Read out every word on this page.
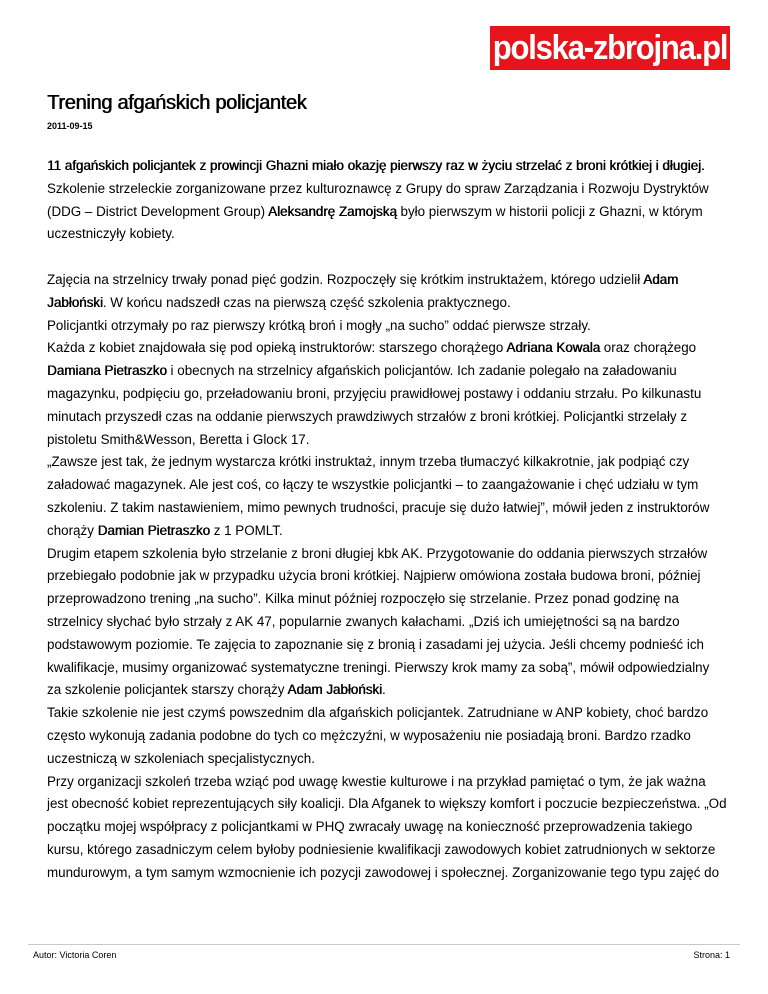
polska-zbrojna.pl
Trening afgańskich policjantek
2011-09-15

11 afgańskich policjantek z prowincji Ghazni miało okazję pierwszy raz w życiu strzelać z broni krótkiej i długiej.

Szkolenie strzeleckie zorganizowane przez kulturoznawcę z Grupy do spraw Zarządzania i Rozwoju Dystryktów (DDG – District Development Group) Aleksandrę Zamojską było pierwszym w historii policji z Ghazni, w którym uczestniczyły kobiety.

Zajęcia na strzelnicy trwały ponad pięć godzin. Rozpoczęły się krótkim instruktażem, którego udzielił Adam Jabłoński. W końcu nadszedł czas na pierwszą część szkolenia praktycznego.

Policjantki otrzymały po raz pierwszy krótką broń i mogły „na sucho” oddać pierwsze strzały.

Każda z kobiet znajdowała się pod opieką instruktorów: starszego chorążego Adriana Kowala oraz chorążego Damiana Pietraszko i obecnych na strzelnicy afgańskich policjantów. Ich zadanie polegało na załadowaniu magazynku, podpięciu go, przeładowaniu broni, przyjęciu prawidłowej postawy i oddaniu strzału. Po kilkunastu minutach przyszedł czas na oddanie pierwszych prawdziwych strzałów z broni krótkiej. Policjantki strzelały z pistoletu Smith&Wesson, Beretta i Glock 17.

„Zawsze jest tak, że jednym wystarcza krótki instruktaż, innym trzeba tłumaczyć kilkakrotnie, jak podpiąć czy załadować magazynek. Ale jest coś, co łączy te wszystkie policjantki – to zaangażowanie i chęć udziału w tym szkoleniu. Z takim nastawieniem, mimo pewnych trudności, pracuje się dużo łatwiej”, mówił jeden z instruktorów chorąży Damian Pietraszko z 1 POMLT.

Drugim etapem szkolenia było strzelanie z broni długiej kbk AK. Przygotowanie do oddania pierwszych strzałów przebiegało podobnie jak w przypadku użycia broni krótkiej. Najpierw omówiona została budowa broni, później przeprowadzono trening „na sucho”. Kilka minut później rozpoczęło się strzelanie. Przez ponad godzinę na strzelnicy słychać było strzały z AK 47, popularnie zwanych kałachami. „Dziś ich umiejętności są na bardzo podstawowym poziomie. Te zajęcia to zapoznanie się z bronią i zasadami jej użycia. Jeśli chcemy podnieść ich kwalifikacje, musimy organizować systematyczne treningi. Pierwszy krok mamy za sobą”, mówił odpowiedzialny za szkolenie policjantek starszy chorąży Adam Jabłoński.

Takie szkolenie nie jest czymś powszednim dla afgańskich policjantek. Zatrudniane w ANP kobiety, choć bardzo często wykonują zadania podobne do tych co mężczyźni, w wyposażeniu nie posiadają broni. Bardzo rzadko uczestniczą w szkoleniach specjalistycznych.

Przy organizacji szkoleń trzeba wziąć pod uwagę kwestie kulturowe i na przykład pamiętać o tym, że jak ważna jest obecność kobiet reprezentujących siły koalicji. Dla Afganek to większy komfort i poczucie bezpieczeństwa. „Od początku mojej współpracy z policjantkami w PHQ zwracały uwagę na konieczność przeprowadzenia takiego kursu, którego zasadniczym celem byłoby podniesienie kwalifikacji zawodowych kobiet zatrudnionych w sektorze mundurowym, a tym samym wzmocnienie ich pozycji zawodowej i społecznej. Zorganizowanie tego typu zajęć do

Autor: Victoria Coren	Strona: 1
